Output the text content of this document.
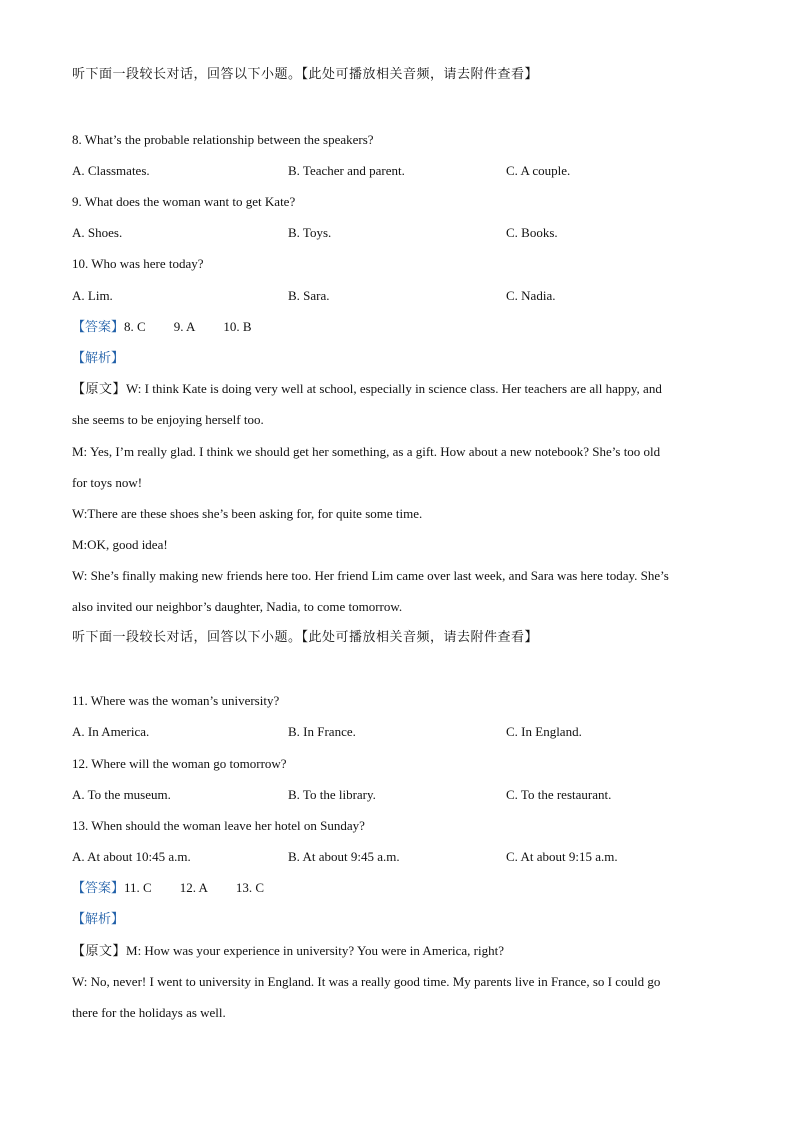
听下面一段较长对话，回答以下小题。【此处可播放相关音频，请去附件查看】
8. What’s the probable relationship between the speakers?
A. Classmates.	B. Teacher and parent.	C. A couple.
9. What does the woman want to get Kate?
A. Shoes.	B. Toys.	C. Books.
10. Who was here today?
A. Lim.	B. Sara.	C. Nadia.
【答案】8. C 9. A 10. B
【解析】
【原文】W: I think Kate is doing very well at school, especially in science class. Her teachers are all happy, and
she seems to be enjoying herself too.
M: Yes, I’m really glad. I think we should get her something, as a gift. How about a new notebook? She’s too old
for toys now!
W:There are these shoes she’s been asking for, for quite some time.
M:OK, good idea!
W: She’s finally making new friends here too. Her friend Lim came over last week, and Sara was here today. She’s
also invited our neighbor’s daughter, Nadia, to come tomorrow.
听下面一段较长对话，回答以下小题。【此处可播放相关音频，请去附件查看】
11. Where was the woman’s university?
A. In America.	B. In France.	C. In England.
12. Where will the woman go tomorrow?
A. To the museum.	B. To the library.	C. To the restaurant.
13. When should the woman leave her hotel on Sunday?
A. At about 10:45 a.m.	B. At about 9:45 a.m.	C. At about 9:15 a.m.
【答案】11. C 12. A 13. C
【解析】
【原文】M: How was your experience in university? You were in America, right?
W: No, never! I went to university in England. It was a really good time. My parents live in France, so I could go
there for the holidays as well.
